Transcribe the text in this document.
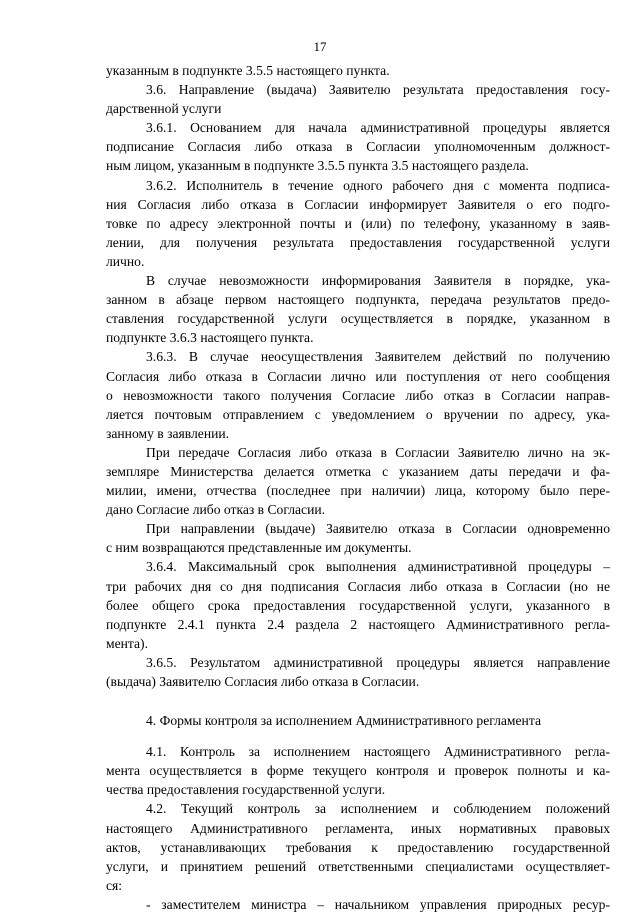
17
указанным в подпункте 3.5.5 настоящего пункта.
3.6. Направление (выдача) Заявителю результата предоставления госу-
дарственной услуги
3.6.1. Основанием для начала административной процедуры является
подписание Согласия либо отказа в Согласии уполномоченным должност-
ным лицом, указанным в подпункте 3.5.5 пункта 3.5 настоящего раздела.
3.6.2. Исполнитель в течение одного рабочего дня с момента подписа-
ния Согласия либо отказа в Согласии информирует Заявителя о его подго-
товке по адресу электронной почты и (или) по телефону, указанному в заяв-
лении, для получения результата предоставления государственной услуги
лично.
В случае невозможности информирования Заявителя в порядке, ука-
занном в абзаце первом настоящего подпункта, передача результатов предо-
ставления государственной услуги осуществляется в порядке, указанном в
подпункте 3.6.3 настоящего пункта.
3.6.3. В случае неосуществления Заявителем действий по получению
Согласия либо отказа в Согласии лично или поступления от него сообщения
о невозможности такого получения Согласие либо отказ в Согласии направ-
ляется почтовым отправлением с уведомлением о вручении по адресу, ука-
занному в заявлении.
При передаче Согласия либо отказа в Согласии Заявителю лично на эк-
земпляре Министерства делается отметка с указанием даты передачи и фа-
милии, имени, отчества (последнее при наличии) лица, которому было пере-
дано Согласие либо отказ в Согласии.
При направлении (выдаче) Заявителю отказа в Согласии одновременно
с ним возвращаются представленные им документы.
3.6.4. Максимальный срок выполнения административной процедуры –
три рабочих дня со дня подписания Согласия либо отказа в Согласии (но не
более общего срока предоставления государственной услуги, указанного в
подпункте 2.4.1 пункта 2.4 раздела 2 настоящего Административного регла-
мента).
3.6.5. Результатом административной процедуры является направление
(выдача) Заявителю Согласия либо отказа в Согласии.
4. Формы контроля за исполнением Административного регламента
4.1. Контроль за исполнением настоящего Административного регла-
мента осуществляется в форме текущего контроля и проверок полноты и ка-
чества предоставления государственной услуги.
4.2. Текущий контроль за исполнением и соблюдением положений
настоящего Административного регламента, иных нормативных правовых
актов, устанавливающих требования к предоставлению государственной
услуги, и принятием решений ответственными специалистами осуществляет-
ся:
- заместителем министра – начальником управления природных ресур-
